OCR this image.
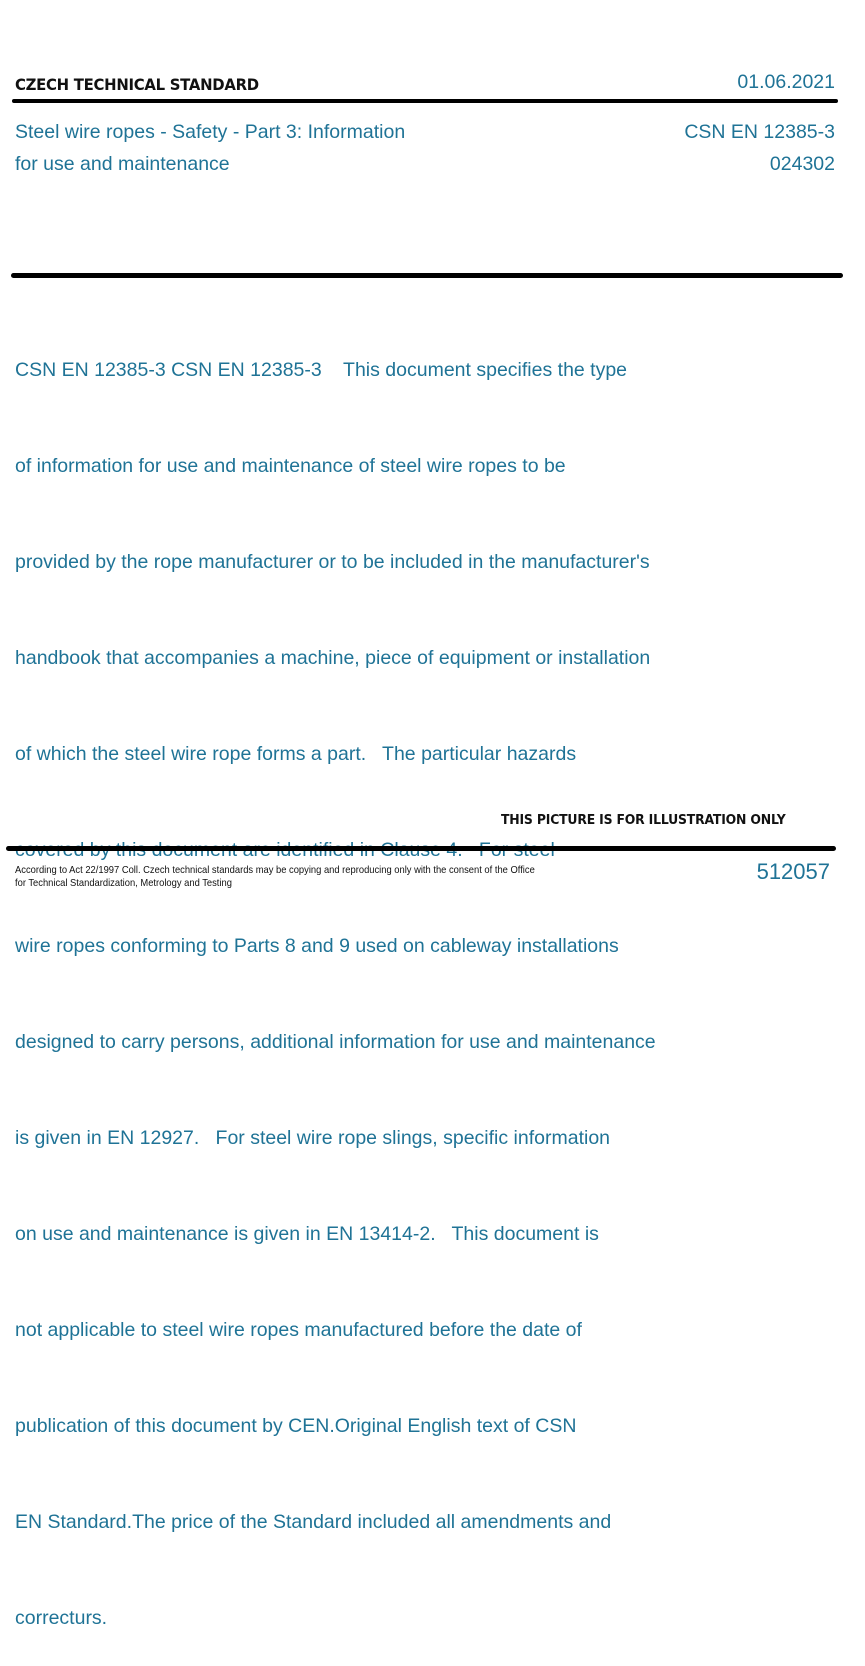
CZECH TECHNICAL STANDARD	01.06.2021
Steel wire ropes - Safety - Part 3: Information
for use and maintenance
CSN EN 12385-3
024302

CSN EN 12385-3 CSN EN 12385-3    This document specifies the type

of information for use and maintenance of steel wire ropes to be

provided by the rope manufacturer or to be included in the manufacturer's

handbook that accompanies a machine, piece of equipment or installation

of which the steel wire rope forms a part.   The particular hazards

wire ropes conforming to Parts 8 and 9 used on cableway installations

designed to carry persons, additional information for use and maintenance

is given in EN 12927.   For steel wire rope slings, specific information

on use and maintenance is given in EN 13414-2.   This document is

not applicable to steel wire ropes manufactured before the date of

publication of this document by CEN.Original English text of CSN

EN Standard.The price of the Standard included all amendments and

correcturs.

THIS PICTURE IS FOR ILLUSTRATION ONLY
According to Act 22/1997 Coll. Czech technical standards may be copying and reproducing only with the consent of the Office
for Technical Standardization, Metrology and Testing	512057
